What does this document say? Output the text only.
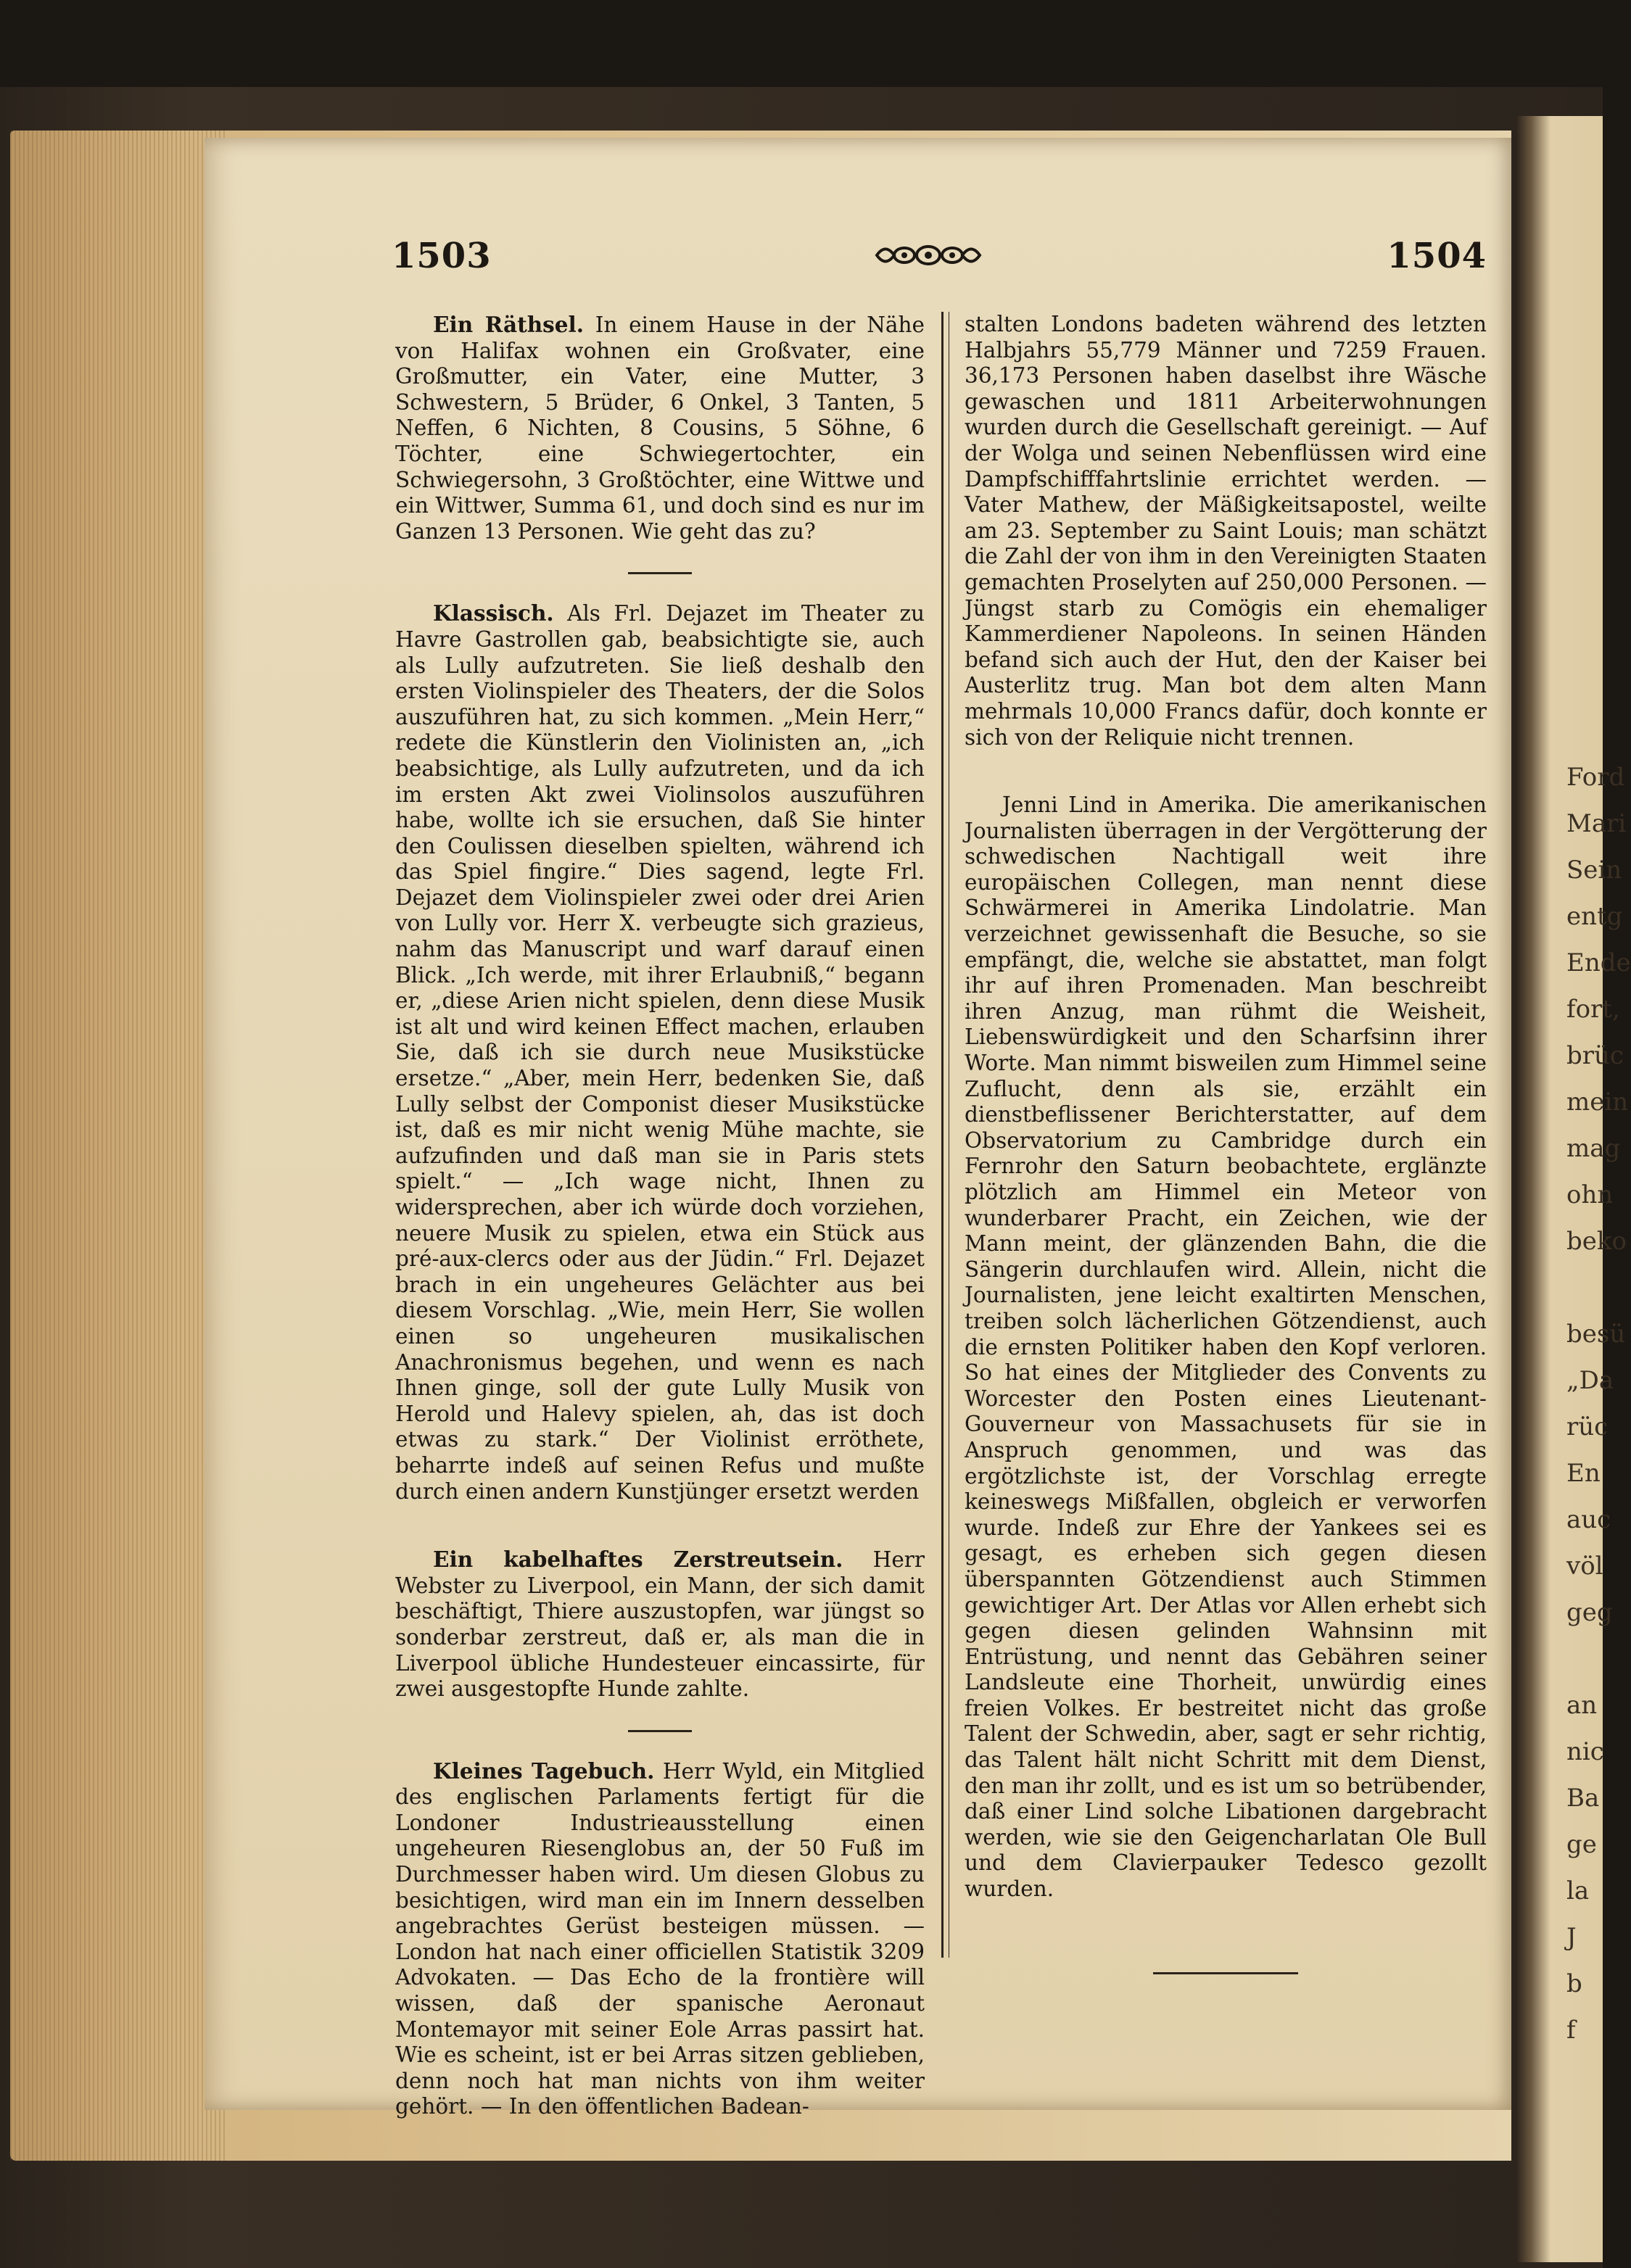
Ford
Mari
Sein
entg
Ende
fort,
brüc
mein
mag
ohn
beko

besü
„Da
rüc
En
auc
völ
geg

an
nic
Ba
ge
la
J
b
f
1503	1504

Ein Räthsel. In einem Hause in der Nähe von Halifax wohnen ein Großvater, eine Großmutter, ein Vater, eine Mutter, 3 Schwestern, 5 Brüder, 6 Onkel, 3 Tanten, 5 Neffen, 6 Nichten, 8 Cousins, 5 Söhne, 6 Töchter, eine Schwiegertochter, ein Schwiegersohn, 3 Großtöchter, eine Wittwe und ein Wittwer, Summa 61, und doch sind es nur im Ganzen 13 Personen. Wie geht das zu?

Klassisch. Als Frl. Dejazet im Theater zu Havre Gastrollen gab, beabsichtigte sie, auch als Lully aufzutreten. Sie ließ deshalb den ersten Violinspieler des Theaters, der die Solos auszuführen hat, zu sich kommen. „Mein Herr,“ redete die Künstlerin den Violinisten an, „ich beabsichtige, als Lully aufzutreten, und da ich im ersten Akt zwei Violinsolos auszuführen habe, wollte ich sie ersuchen, daß Sie hinter den Coulissen dieselben spielten, während ich das Spiel fingire.“ Dies sagend, legte Frl. Dejazet dem Violinspieler zwei oder drei Arien von Lully vor. Herr X. verbeugte sich grazieus, nahm das Manuscript und warf darauf einen Blick. „Ich werde, mit ihrer Erlaubniß,“ begann er, „diese Arien nicht spielen, denn diese Musik ist alt und wird keinen Effect machen, erlauben Sie, daß ich sie durch neue Musikstücke ersetze.“ „Aber, mein Herr, bedenken Sie, daß Lully selbst der Componist dieser Musikstücke ist, daß es mir nicht wenig Mühe machte, sie aufzufinden und daß man sie in Paris stets spielt.“ — „Ich wage nicht, Ihnen zu widersprechen, aber ich würde doch vorziehen, neuere Musik zu spielen, etwa ein Stück aus pré-aux-clercs oder aus der Jüdin.“ Frl. Dejazet brach in ein ungeheures Gelächter aus bei diesem Vorschlag. „Wie, mein Herr, Sie wollen einen so ungeheuren musikalischen Anachronismus begehen, und wenn es nach Ihnen ginge, soll der gute Lully Musik von Herold und Halevy spielen, ah, das ist doch etwas zu stark.“ Der Violinist erröthete, beharrte indeß auf seinen Refus und mußte durch einen andern Kunstjünger ersetzt werden

Ein kabelhaftes Zerstreutsein. Herr Webster zu Liverpool, ein Mann, der sich damit beschäftigt, Thiere auszustopfen, war jüngst so sonderbar zerstreut, daß er, als man die in Liverpool übliche Hundesteuer eincassirte, für zwei ausgestopfte Hunde zahlte.

Kleines Tagebuch. Herr Wyld, ein Mitglied des englischen Parlaments fertigt für die Londoner Industrieausstellung einen ungeheuren Riesenglobus an, der 50 Fuß im Durchmesser haben wird. Um diesen Globus zu besichtigen, wird man ein im Innern desselben angebrachtes Gerüst besteigen müssen. — London hat nach einer officiellen Statistik 3209 Advokaten. — Das Echo de la frontière will wissen, daß der spanische Aeronaut Montemayor mit seiner Eole Arras passirt hat. Wie es scheint, ist er bei Arras sitzen geblieben, denn noch hat man nichts von ihm weiter gehört. — In den öffentlichen Badean-

stalten Londons badeten während des letzten Halbjahrs 55,779 Männer und 7259 Frauen. 36,173 Personen haben daselbst ihre Wäsche gewaschen und 1811 Arbeiterwohnungen wurden durch die Gesellschaft gereinigt. — Auf der Wolga und seinen Nebenflüssen wird eine Dampfschifffahrtslinie errichtet werden. — Vater Mathew, der Mäßigkeitsapostel, weilte am 23. September zu Saint Louis; man schätzt die Zahl der von ihm in den Vereinigten Staaten gemachten Proselyten auf 250,000 Personen. — Jüngst starb zu Comögis ein ehemaliger Kammerdiener Napoleons. In seinen Händen befand sich auch der Hut, den der Kaiser bei Austerlitz trug. Man bot dem alten Mann mehrmals 10,000 Francs dafür, doch konnte er sich von der Reliquie nicht trennen.

Jenni Lind in Amerika. Die amerikanischen Journalisten überragen in der Vergötterung der schwedischen Nachtigall weit ihre europäischen Collegen, man nennt diese Schwärmerei in Amerika Lindolatrie. Man verzeichnet gewissenhaft die Besuche, so sie empfängt, die, welche sie abstattet, man folgt ihr auf ihren Promenaden. Man beschreibt ihren Anzug, man rühmt die Weisheit, Liebenswürdigkeit und den Scharfsinn ihrer Worte. Man nimmt bisweilen zum Himmel seine Zuflucht, denn als sie, erzählt ein dienstbeflissener Berichterstatter, auf dem Observatorium zu Cambridge durch ein Fernrohr den Saturn beobachtete, erglänzte plötzlich am Himmel ein Meteor von wunderbarer Pracht, ein Zeichen, wie der Mann meint, der glänzenden Bahn, die die Sängerin durchlaufen wird. Allein, nicht die Journalisten, jene leicht exaltirten Menschen, treiben solch lächerlichen Götzendienst, auch die ernsten Politiker haben den Kopf verloren. So hat eines der Mitglieder des Convents zu Worcester den Posten eines Lieutenant-Gouverneur von Massachusets für sie in Anspruch genommen, und was das ergötzlichste ist, der Vorschlag erregte keineswegs Mißfallen, obgleich er verworfen wurde. Indeß zur Ehre der Yankees sei es gesagt, es erheben sich gegen diesen überspannten Götzendienst auch Stimmen gewichtiger Art. Der Atlas vor Allen erhebt sich gegen diesen gelinden Wahnsinn mit Entrüstung, und nennt das Gebähren seiner Landsleute eine Thorheit, unwürdig eines freien Volkes. Er bestreitet nicht das große Talent der Schwedin, aber, sagt er sehr richtig, das Talent hält nicht Schritt mit dem Dienst, den man ihr zollt, und es ist um so betrübender, daß einer Lind solche Libationen dargebracht werden, wie sie den Geigencharlatan Ole Bull und dem Clavierpauker Tedesco gezollt wurden.
